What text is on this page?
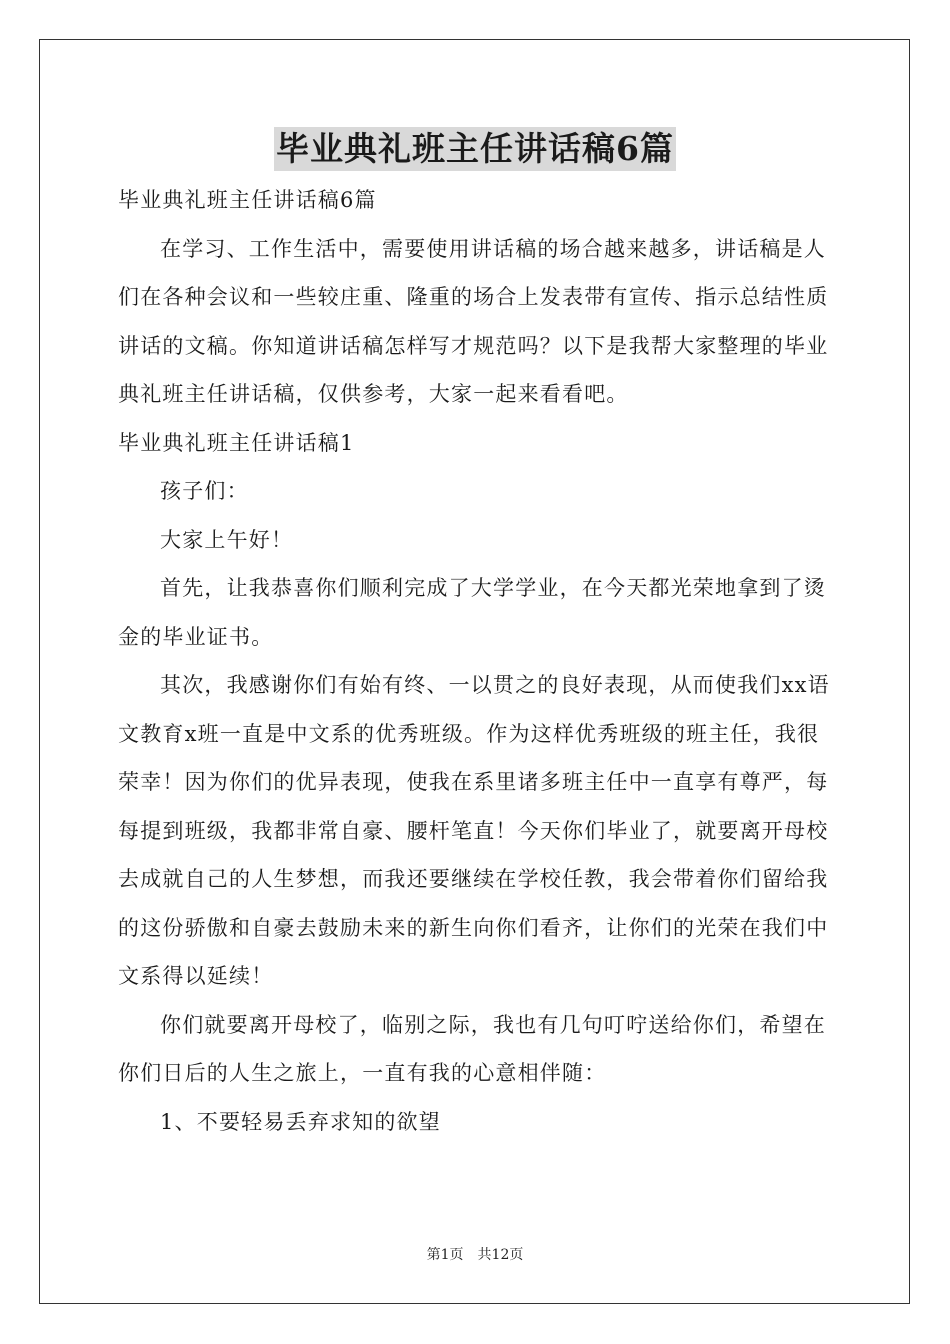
毕业典礼班主任讲话稿6篇

毕业典礼班主任讲话稿6篇

在学习、工作生活中，需要使用讲话稿的场合越来越多，讲话稿是人们在各种会议和一些较庄重、隆重的场合上发表带有宣传、指示总结性质讲话的文稿。你知道讲话稿怎样写才规范吗？以下是我帮大家整理的毕业典礼班主任讲话稿，仅供参考，大家一起来看看吧。

毕业典礼班主任讲话稿1

孩子们：

大家上午好！

首先，让我恭喜你们顺利完成了大学学业，在今天都光荣地拿到了烫金的毕业证书。

其次，我感谢你们有始有终、一以贯之的良好表现，从而使我们xx语文教育x班一直是中文系的优秀班级。作为这样优秀班级的班主任，我很荣幸！因为你们的优异表现，使我在系里诸多班主任中一直享有尊严，每每提到班级，我都非常自豪、腰杆笔直！今天你们毕业了，就要离开母校去成就自己的人生梦想，而我还要继续在学校任教，我会带着你们留给我的这份骄傲和自豪去鼓励未来的新生向你们看齐，让你们的光荣在我们中文系得以延续！

你们就要离开母校了，临别之际，我也有几句叮咛送给你们，希望在你们日后的人生之旅上，一直有我的心意相伴随：

1、不要轻易丢弃求知的欲望

第1页 共12页
